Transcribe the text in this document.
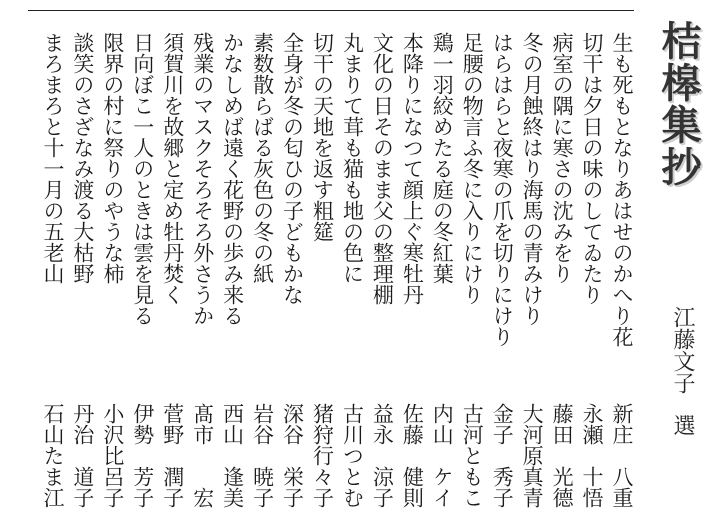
桔槔集抄
江藤文子選
生も死もとなりあはせのかへり花
新庄　八重
切干は夕日の味のしてゐたり
永瀬　十悟
病室の隅に寒さの沈みをり
藤田　光德
冬の月蝕終はり海馬の青みけり
大河原真青
はらはらと夜寒の爪を切りにけり
金子　秀子
足腰の物言ふ冬に入りにけり
古河ともこ
鶏一羽絞めたる庭の冬紅葉
内山　ケイ
本降りになつて顔上ぐ寒牡丹
佐藤　健則
文化の日そのまま父の整理棚
益永　涼子
丸まりて茸も猫も地の色に
古川つとむ
切干の天地を返す粗筵
猪狩行々子
全身が冬の匂ひの子どもかな
深谷　栄子
素数散らばる灰色の冬の紙
岩谷　暁子
かなしめば遠く花野の歩み来る
西山　逢美
残業のマスクそろそろ外さうか
髙市　　宏
須賀川を故郷と定め牡丹焚く
菅野　潤子
日向ぼこ一人のときは雲を見る
伊勢　芳子
限界の村に祭りのやうな柿
小沢比呂子
談笑のさざなみ渡る大枯野
丹治　道子
まろまろと十一月の五老山
石山たま江
